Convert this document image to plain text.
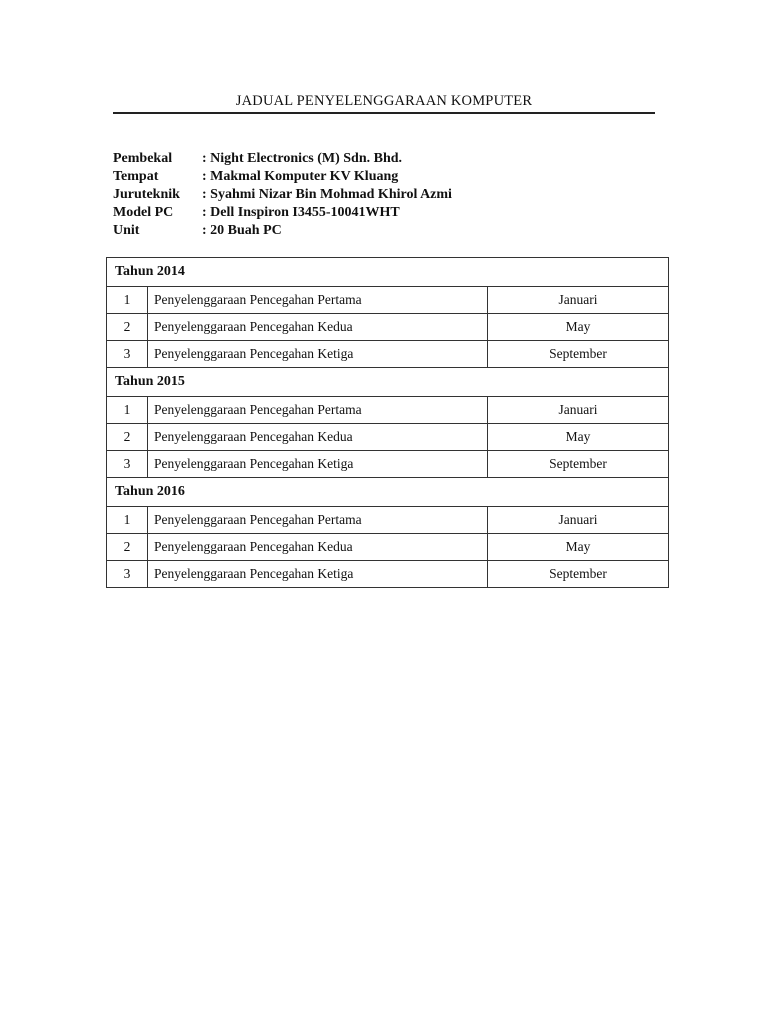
JADUAL PENYELENGGARAAN KOMPUTER
Pembekal	: Night Electronics (M) Sdn. Bhd.
Tempat	: Makmal Komputer KV Kluang
Juruteknik	: Syahmi Nizar Bin Mohmad Khirol Azmi
Model PC	: Dell Inspiron I3455-10041WHT
Unit	: 20 Buah PC
Tahun 2014		
1	Penyelenggaraan Pencegahan Pertama	Januari
2	Penyelenggaraan Pencegahan Kedua	May
3	Penyelenggaraan Pencegahan Ketiga	September
Tahun 2015		
1	Penyelenggaraan Pencegahan Pertama	Januari
2	Penyelenggaraan Pencegahan Kedua	May
3	Penyelenggaraan Pencegahan Ketiga	September
Tahun 2016		
1	Penyelenggaraan Pencegahan Pertama	Januari
2	Penyelenggaraan Pencegahan Kedua	May
3	Penyelenggaraan Pencegahan Ketiga	September
